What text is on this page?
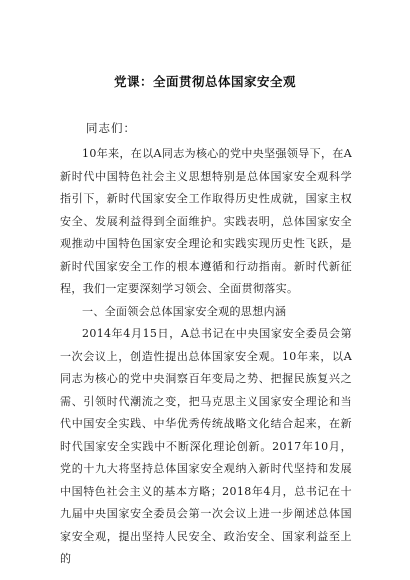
党课：全面贯彻总体国家安全观
同志们：

10年来，在以A同志为核心的党中央坚强领导下，在A新时代中国特色社会主义思想特别是总体国家安全观科学指引下，新时代国家安全工作取得历史性成就，国家主权安全、发展利益得到全面维护。实践表明，总体国家安全观推动中国特色国家安全理论和实践实现历史性飞跃，是新时代国家安全工作的根本遵循和行动指南。新时代新征程，我们一定要深刻学习领会、全面贯彻落实。

一、全面领会总体国家安全观的思想内涵

2014年4月15日，A总书记在中央国家安全委员会第一次会议上，创造性提出总体国家安全观。10年来，以A同志为核心的党中央洞察百年变局之势、把握民族复兴之需、引领时代潮流之变，把马克思主义国家安全理论和当代中国安全实践、中华优秀传统战略文化结合起来，在新时代国家安全实践中不断深化理论创新。2017年10月，党的十九大将坚持总体国家安全观纳入新时代坚持和发展中国特色社会主义的基本方略；2018年4月，总书记在十九届中央国家安全委员会第一次会议上进一步阐述总体国家安全观，提出坚持人民安全、政治安全、国家利益至上的
